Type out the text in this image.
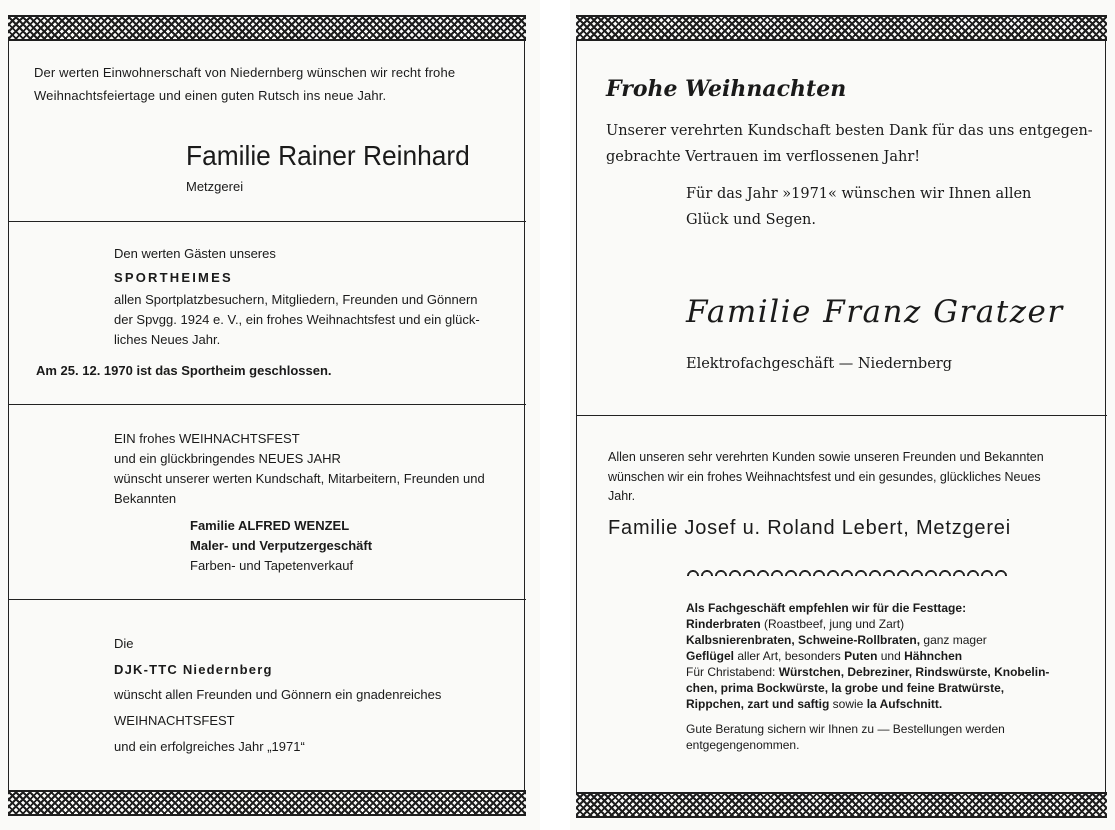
Der werten Einwohnerschaft von Niedernberg wünschen wir recht frohe

Weihnachtsfeiertage und einen guten Rutsch ins neue Jahr.

Familie Rainer Reinhard

Metzgerei

Den werten Gästen unseres

SPORTHEIMES

allen Sportplatzbesuchern, Mitgliedern, Freunden und Gönnern

der Spvgg. 1924 e. V., ein frohes Weihnachtsfest und ein glück-

liches Neues Jahr.

Am 25. 12. 1970 ist das Sportheim geschlossen.

EIN frohes WEIHNACHTSFEST

und ein glückbringendes NEUES JAHR

wünscht unserer werten Kundschaft, Mitarbeitern, Freunden und

Bekannten

Familie ALFRED WENZEL

Maler- und Verputzergeschäft

Farben- und Tapetenverkauf

Die

DJK-TTC Niedernberg

wünscht allen Freunden und Gönnern ein gnadenreiches

WEIHNACHTSFEST

und ein erfolgreiches Jahr „1971“

Frohe Weihnachten

Unserer verehrten Kundschaft besten Dank für das uns entgegen-

gebrachte Vertrauen im verflossenen Jahr!

Für das Jahr »1971« wünschen wir Ihnen allen

Glück und Segen.

Familie Franz Gratzer

Elektrofachgeschäft — Niedernberg

Allen unseren sehr verehrten Kunden sowie unseren Freunden und Bekannten

wünschen wir ein frohes Weihnachtsfest und ein gesundes, glückliches Neues

Jahr.

Familie Josef u. Roland Lebert, Metzgerei

Als Fachgeschäft empfehlen wir für die Festtage:
Rinderbraten (Roastbeef, jung und Zart)
Kalbsnierenbraten, Schweine-Rollbraten, ganz mager
Geflügel aller Art, besonders Puten und Hähnchen
Für Christabend: Würstchen, Debreziner, Rindswürste, Knobelin-
chen, prima Bockwürste, la grobe und feine Bratwürste,
Rippchen, zart und saftig sowie la Aufschnitt.
Gute Beratung sichern wir Ihnen zu — Bestellungen werden
entgegengenommen.
